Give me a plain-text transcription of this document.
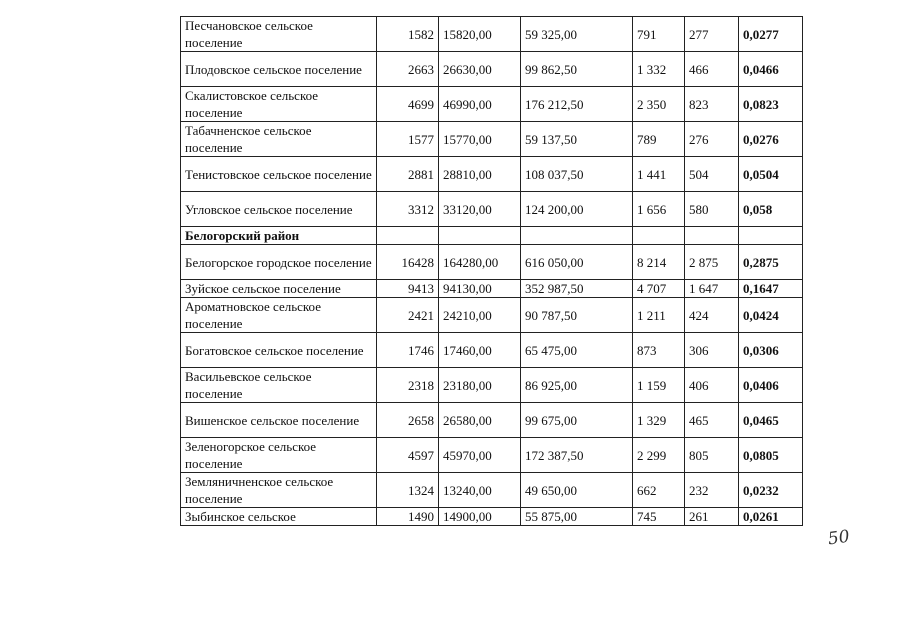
Песчановское сельское поселение	1582	15820,00	59 325,00	791	277	0,0277
Плодовское сельское поселение	2663	26630,00	99 862,50	1 332	466	0,0466
Скалистовское сельское поселение	4699	46990,00	176 212,50	2 350	823	0,0823
Табачненское сельское поселение	1577	15770,00	59 137,50	789	276	0,0276
Тенистовское сельское поселение	2881	28810,00	108 037,50	1 441	504	0,0504
Угловское сельское поселение	3312	33120,00	124 200,00	1 656	580	0,058
Белогорский район						
Белогорское городское поселение	16428	164280,00	616 050,00	8 214	2 875	0,2875
Зуйское сельское поселение	9413	94130,00	352 987,50	4 707	1 647	0,1647
Ароматновское сельское поселение	2421	24210,00	90 787,50	1 211	424	0,0424
Богатовское сельское поселение	1746	17460,00	65 475,00	873	306	0,0306
Васильевское сельское поселение	2318	23180,00	86 925,00	1 159	406	0,0406
Вишенское сельское поселение	2658	26580,00	99 675,00	1 329	465	0,0465
Зеленогорское сельское поселение	4597	45970,00	172 387,50	2 299	805	0,0805
Земляничненское сельское поселение	1324	13240,00	49 650,00	662	232	0,0232
Зыбинское сельское	1490	14900,00	55 875,00	745	261	0,0261
50
